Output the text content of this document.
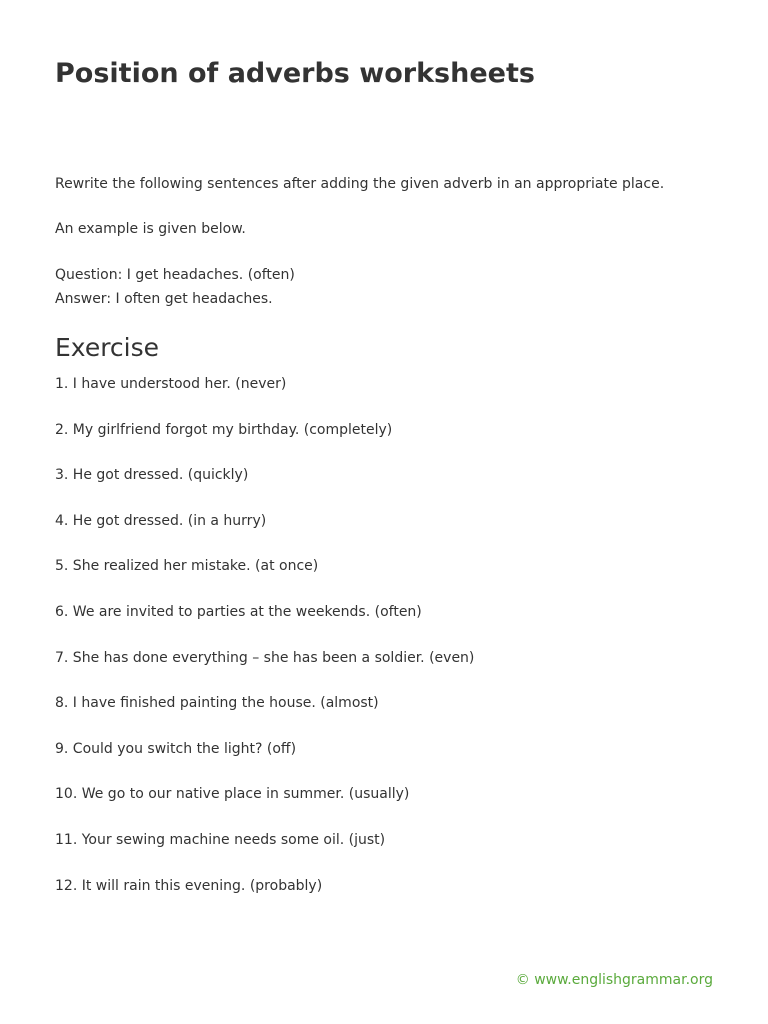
Position of adverbs worksheets

Rewrite the following sentences after adding the given adverb in an appropriate place.

An example is given below.

Question: I get headaches. (often)

Answer: I often get headaches.

Exercise
1. I have understood her. (never)
2. My girlfriend forgot my birthday. (completely)
3. He got dressed. (quickly)
4. He got dressed. (in a hurry)
5. She realized her mistake. (at once)
6. We are invited to parties at the weekends. (often)
7. She has done everything – she has been a soldier. (even)
8. I have finished painting the house. (almost)
9. Could you switch the light? (off)
10. We go to our native place in summer. (usually)
11. Your sewing machine needs some oil. (just)
12. It will rain this evening. (probably)
© www.englishgrammar.org
